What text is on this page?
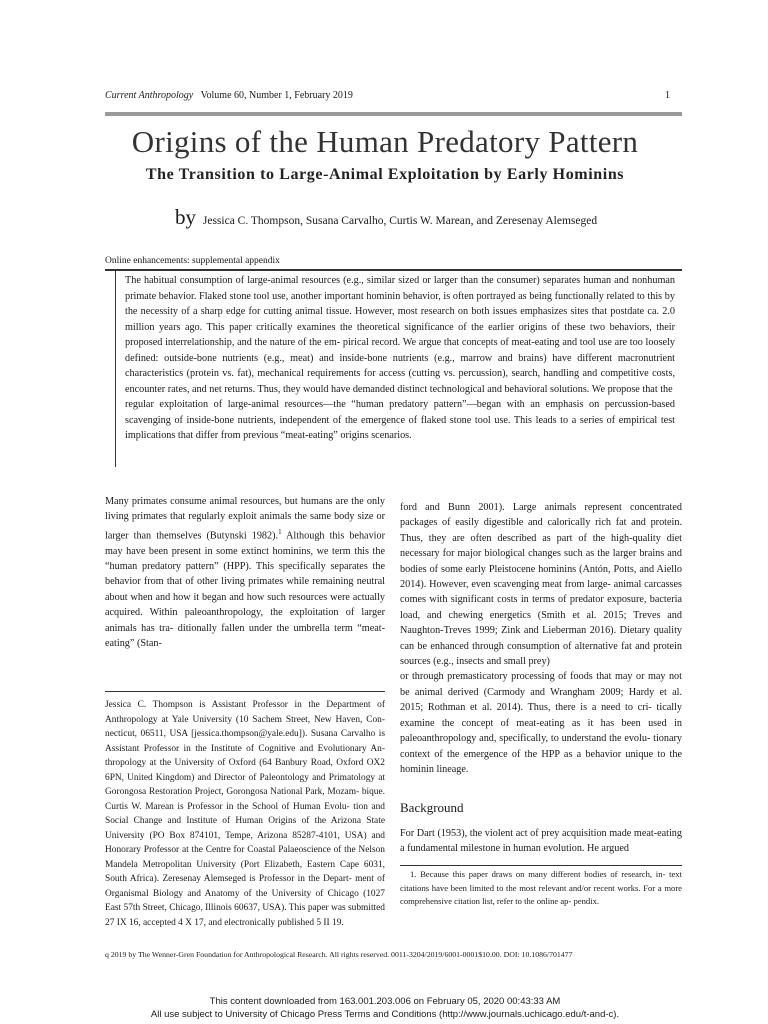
Current Anthropology Volume 60, Number 1, February 2019	1
Origins of the Human Predatory Pattern
The Transition to Large-Animal Exploitation by Early Hominins
by Jessica C. Thompson, Susana Carvalho, Curtis W. Marean, and Zeresenay Alemseged
Online enhancements: supplemental appendix

The habitual consumption of large-animal resources (e.g., similar sized or larger than the consumer) separates human and nonhuman primate behavior. Flaked stone tool use, another important hominin behavior, is often portrayed as being functionally related to this by the necessity of a sharp edge for cutting animal tissue. However, most research on both issues emphasizes sites that postdate ca. 2.0 million years ago. This paper critically examines the theoretical significance of the earlier origins of these two behaviors, their proposed interrelationship, and the nature of the em- pirical record. We argue that concepts of meat-eating and tool use are too loosely defined: outside-bone nutrients (e.g., meat) and inside-bone nutrients (e.g., marrow and brains) have different macronutrient characteristics (protein vs. fat), mechanical requirements for access (cutting vs. percussion), search, handling and competitive costs, encounter rates, and net returns. Thus, they would have demanded distinct technological and behavioral solutions. We propose that the

regular exploitation of large-animal resources—the “human predatory pattern”—began with an emphasis on percussion-based scavenging of inside-bone nutrients, independent of the emergence of flaked stone tool use. This leads to a series of empirical test implications that differ from previous “meat-eating” origins scenarios.

Many primates consume animal resources, but humans are the only living primates that regularly exploit animals the same body size or larger than themselves (Butynski 1982).$^1$ Although this behavior may have been present in some extinct hominins, we term this the “human predatory pattern” (HPP). This specifically separates the behavior from that of other living primates while remaining neutral about when and how it began and how such resources were actually acquired. Within paleoanthropology, the exploitation of larger animals has tra- ditionally fallen under the umbrella term “meat-eating” (Stan-

Jessica C. Thompson is Assistant Professor in the Department of Anthropology at Yale University (10 Sachem Street, New Haven, Con- necticut, 06511, USA [jessica.thompson@yale.edu]). Susana Carvalho is Assistant Professor in the Institute of Cognitive and Evolutionary An- thropology at the University of Oxford (64 Banbury Road, Oxford OX2 6PN, United Kingdom) and Director of Paleontology and Primatology at Gorongosa Restoration Project, Gorongosa National Park, Mozam- bique. Curtis W. Marean is Professor in the School of Human Evolu- tion and Social Change and Institute of Human Origins of the Arizona State University (PO Box 874101, Tempe, Arizona 85287-4101, USA) and Honorary Professor at the Centre for Coastal Palaeoscience of the Nelson Mandela Metropolitan University (Port Elizabeth, Eastern Cape 6031, South Africa). Zeresenay Alemseged is Professor in the Depart- ment of Organismal Biology and Anatomy of the University of Chicago (1027 East 57th Street, Chicago, Illinois 60637, USA). This paper was submitted 27 IX 16, accepted 4 X 17, and electronically published 5 II 19.

ford and Bunn 2001). Large animals represent concentrated packages of easily digestible and calorically rich fat and protein. Thus, they are often described as part of the high-quality diet necessary for major biological changes such as the larger brains and bodies of some early Pleistocene hominins (Antón, Potts, and Aiello 2014). However, even scavenging meat from large- animal carcasses comes with significant costs in terms of predator exposure, bacteria load, and chewing energetics (Smith et al. 2015; Treves and Naughton-Treves 1999; Zink and Lieberman 2016). Dietary quality can be enhanced through consumption of alternative fat and protein sources (e.g., insects and small prey)

or through premasticatory processing of foods that may or may not be animal derived (Carmody and Wrangham 2009; Hardy et al. 2015; Rothman et al. 2014). Thus, there is a need to cri- tically examine the concept of meat-eating as it has been used in paleoanthropology and, specifically, to understand the evolu- tionary context of the emergence of the HPP as a behavior unique to the hominin lineage.

Background
For Dart (1953), the violent act of prey acquisition made meat-eating a fundamental milestone in human evolution. He argued
1. Because this paper draws on many different bodies of research, in- text citations have been limited to the most relevant and/or recent works. For a more comprehensive citation list, refer to the online ap- pendix.
q 2019 by The Wenner-Gren Foundation for Anthropological Research. All rights reserved. 0011-3204/2019/6001-0001$10.00. DOI: 10.1086/701477
This content downloaded from 163.001.203.006 on February 05, 2020 00:43:33 AM
All use subject to University of Chicago Press Terms and Conditions (http://www.journals.uchicago.edu/t-and-c).
